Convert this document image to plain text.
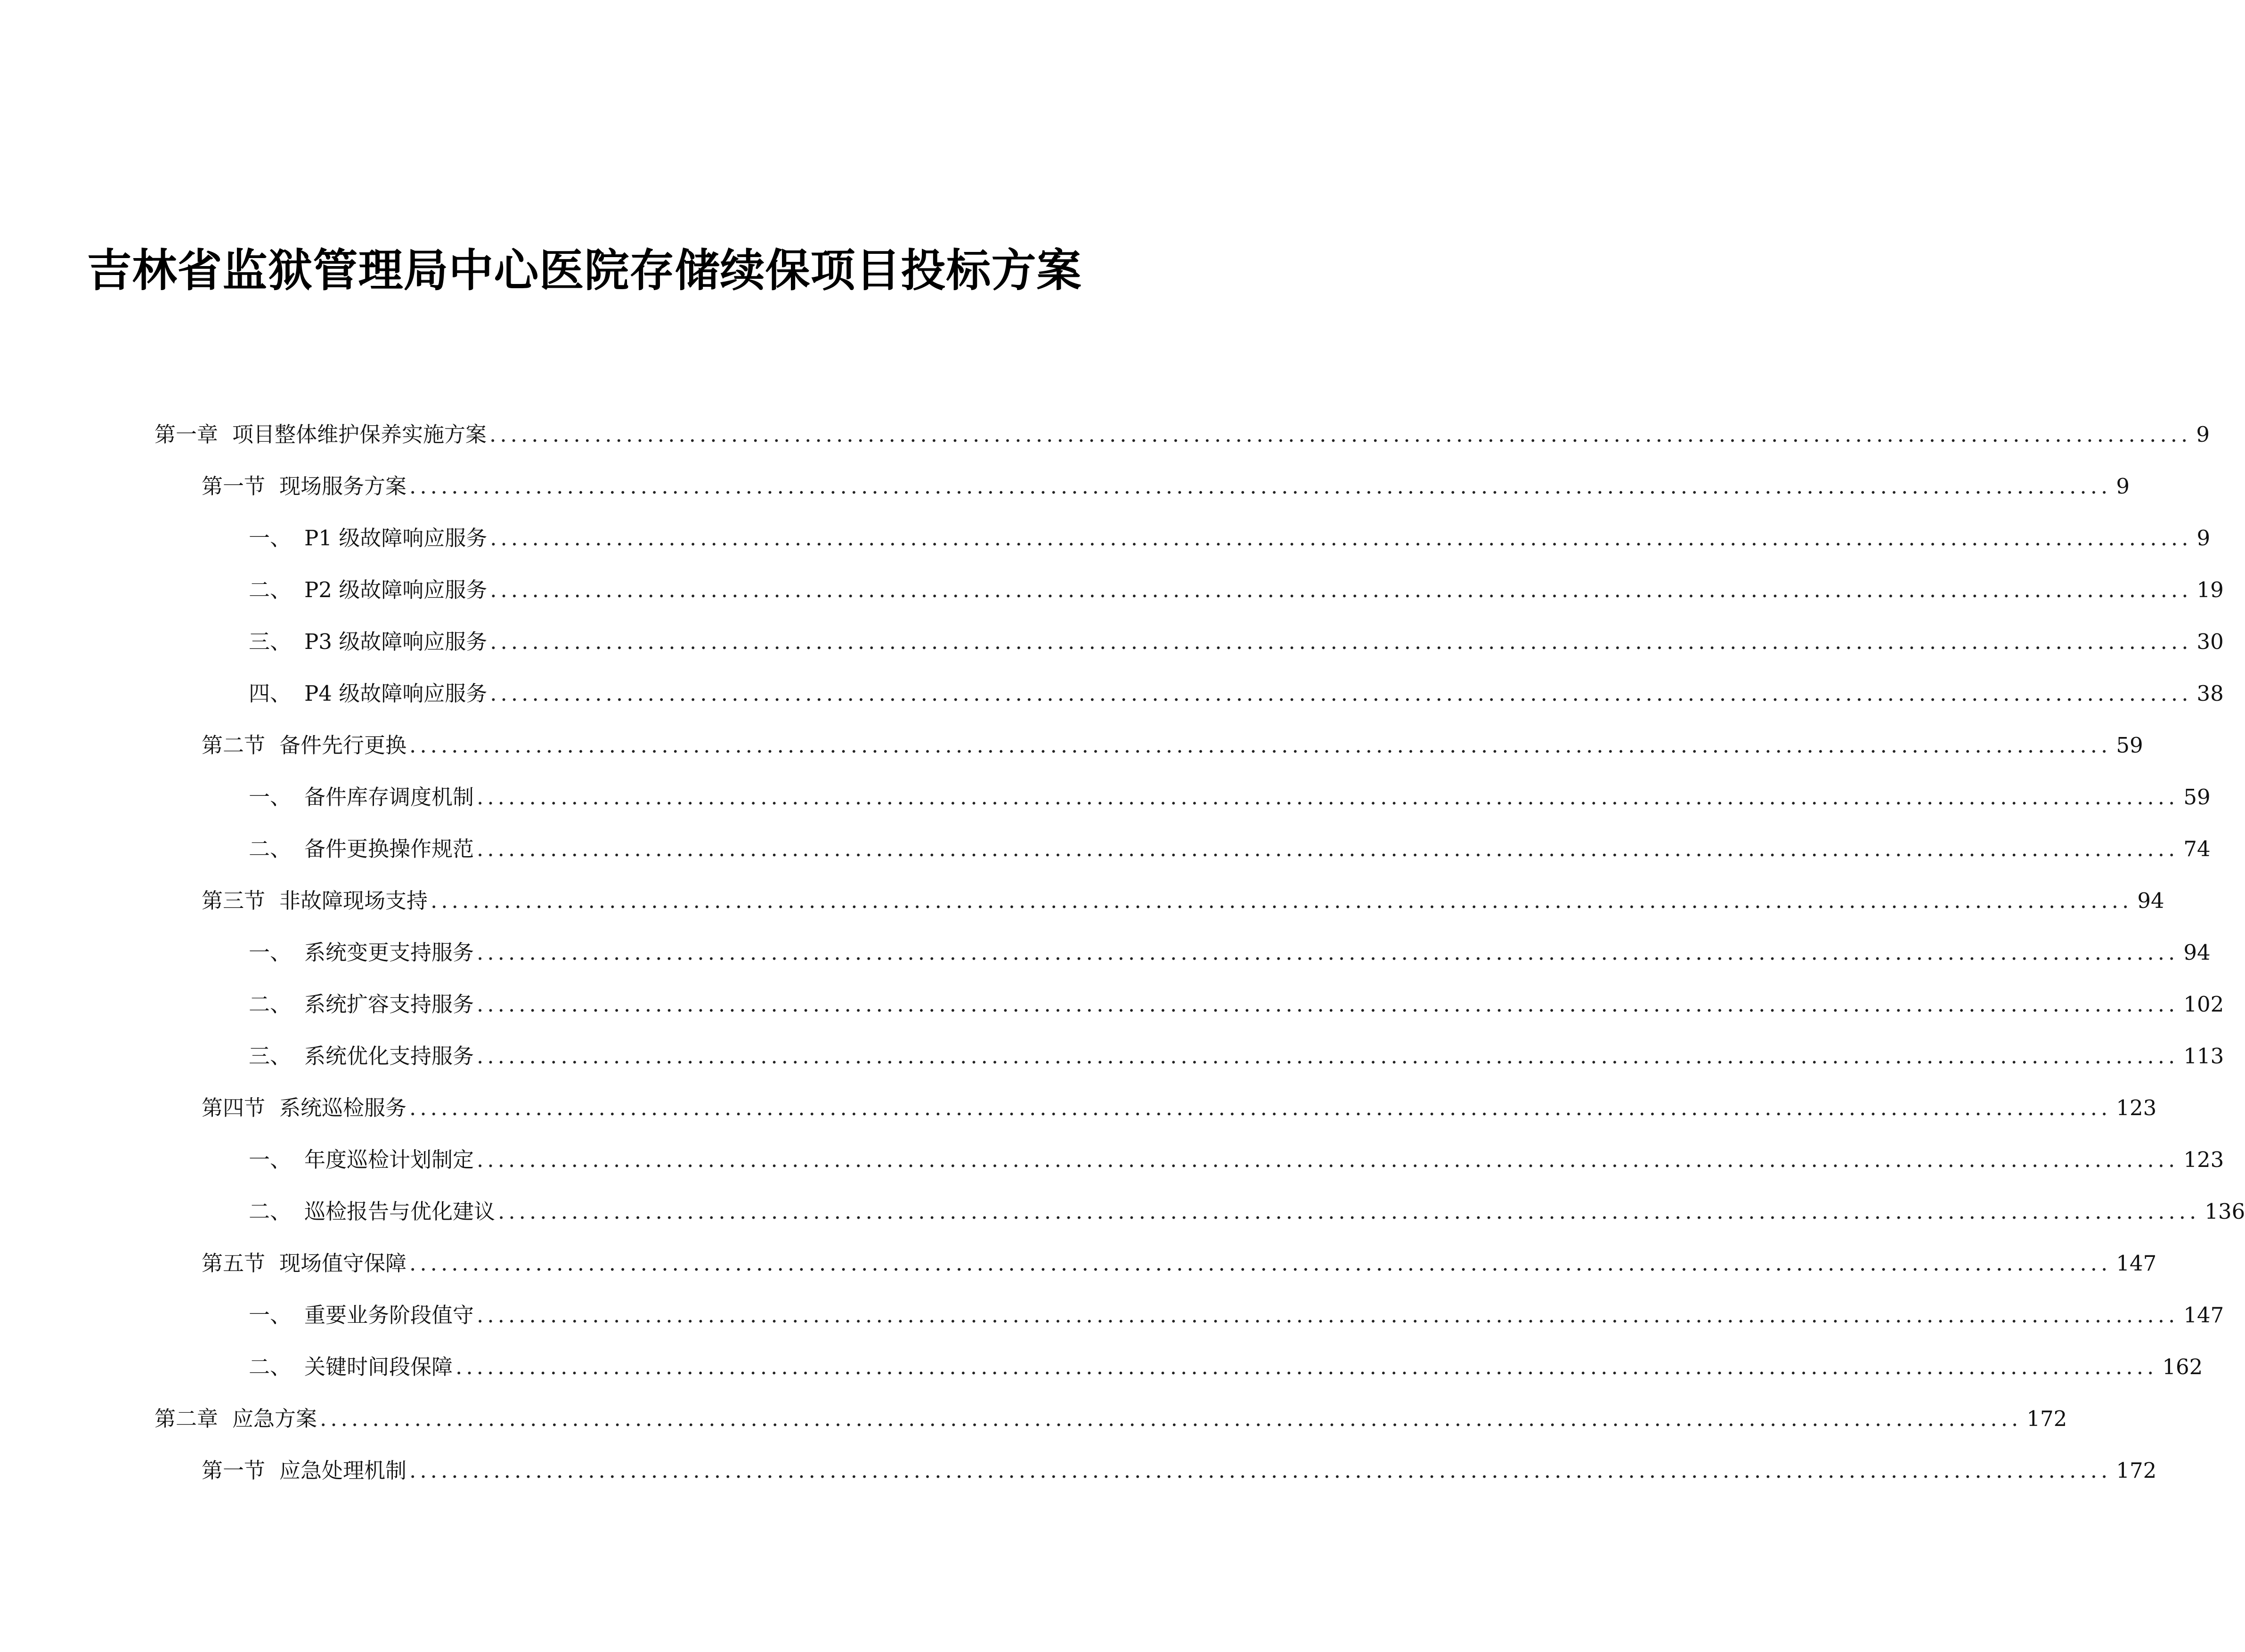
吉林省监狱管理局中心医院存储续保项目投标方案
第一章 项目整体维护保养实施方案 .................................................................................................................................................................. 9
第一节 现场服务方案 .................................................................................................................................................................. 9
一、 P1 级故障响应服务 .................................................................................................................................................................. 9
二、 P2 级故障响应服务 .................................................................................................................................................................. 19
三、 P3 级故障响应服务 .................................................................................................................................................................. 30
四、 P4 级故障响应服务 .................................................................................................................................................................. 38
第二节 备件先行更换 .................................................................................................................................................................. 59
一、 备件库存调度机制 .................................................................................................................................................................. 59
二、 备件更换操作规范 .................................................................................................................................................................. 74
第三节 非故障现场支持 .................................................................................................................................................................. 94
一、 系统变更支持服务 .................................................................................................................................................................. 94
二、 系统扩容支持服务 .................................................................................................................................................................. 102
三、 系统优化支持服务 .................................................................................................................................................................. 113
第四节 系统巡检服务 .................................................................................................................................................................. 123
一、 年度巡检计划制定 .................................................................................................................................................................. 123
二、 巡检报告与优化建议 .................................................................................................................................................................. 136
第五节 现场值守保障 .................................................................................................................................................................. 147
一、 重要业务阶段值守 .................................................................................................................................................................. 147
二、 关键时间段保障 .................................................................................................................................................................. 162
第二章 应急方案 .................................................................................................................................................................. 172
第一节 应急处理机制 .................................................................................................................................................................. 172
